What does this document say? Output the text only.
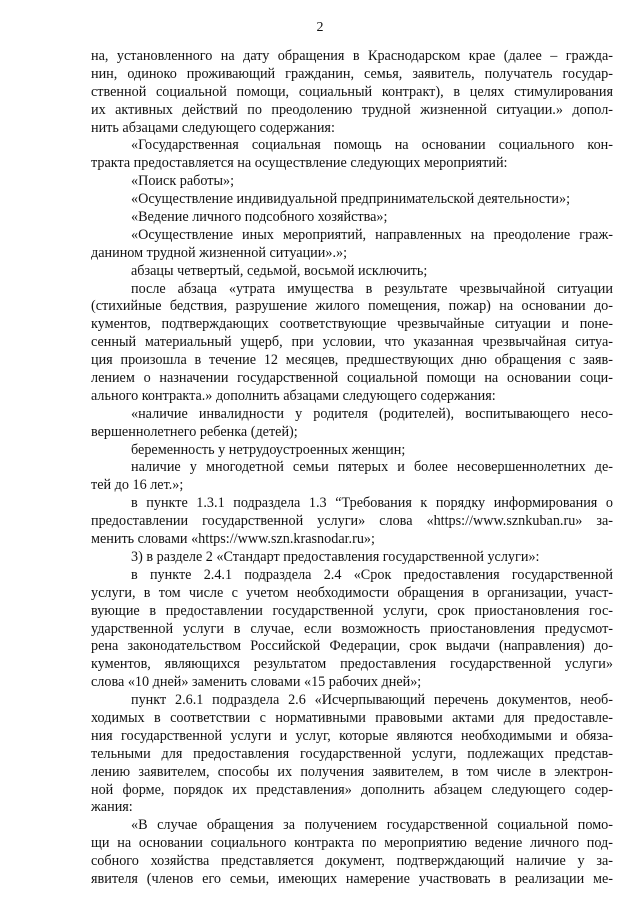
2
на, установленного на дату обращения в Краснодарском крае (далее – гражда-
нин, одиноко проживающий гражданин, семья, заявитель, получатель государ-
ственной социальной помощи, социальный контракт), в целях стимулирования
их активных действий по преодолению трудной жизненной ситуации.» допол-
нить абзацами следующего содержания:
«Государственная социальная помощь на основании социального кон-
тракта предоставляется на осуществление следующих мероприятий:
«Поиск работы»;
«Осуществление индивидуальной предпринимательской деятельности»;
«Ведение личного подсобного хозяйства»;
«Осуществление иных мероприятий, направленных на преодоление граж-
данином трудной жизненной ситуации».»;
абзацы четвертый, седьмой, восьмой исключить;
после абзаца «утрата имущества в результате чрезвычайной ситуации
(стихийные бедствия, разрушение жилого помещения, пожар) на основании до-
кументов, подтверждающих соответствующие чрезвычайные ситуации и поне-
сенный материальный ущерб, при условии, что указанная чрезвычайная ситуа-
ция произошла в течение 12 месяцев, предшествующих дню обращения с заяв-
лением о назначении государственной социальной помощи на основании соци-
ального контракта.» дополнить абзацами следующего содержания:
«наличие инвалидности у родителя (родителей), воспитывающего несо-
вершеннолетнего ребенка (детей);
беременность у нетрудоустроенных женщин;
наличие у многодетной семьи пятерых и более несовершеннолетних де-
тей до 16 лет.»;
в пункте 1.3.1 подраздела 1.3 “Требования к порядку информирования о
предоставлении государственной услуги» слова «https://www.sznkuban.ru» за-
менить словами «https://www.szn.krasnodar.ru»;
3) в разделе 2 «Стандарт предоставления государственной услуги»:
в пункте 2.4.1 подраздела 2.4 «Срок предоставления государственной
услуги, в том числе с учетом необходимости обращения в организации, участ-
вующие в предоставлении государственной услуги, срок приостановления гос-
ударственной услуги в случае, если возможность приостановления предусмот-
рена законодательством Российской Федерации, срок выдачи (направления) до-
кументов, являющихся результатом предоставления государственной услуги»
слова «10 дней» заменить словами «15 рабочих дней»;
пункт 2.6.1 подраздела 2.6 «Исчерпывающий перечень документов, необ-
ходимых в соответствии с нормативными правовыми актами для предоставле-
ния государственной услуги и услуг, которые являются необходимыми и обяза-
тельными для предоставления государственной услуги, подлежащих представ-
лению заявителем, способы их получения заявителем, в том числе в электрон-
ной форме, порядок их представления» дополнить абзацем следующего содер-
жания:
«В случае обращения за получением государственной социальной помо-
щи на основании социального контракта по мероприятию ведение личного под-
собного хозяйства представляется документ, подтверждающий наличие у за-
явителя (членов его семьи, имеющих намерение участвовать в реализации ме-
